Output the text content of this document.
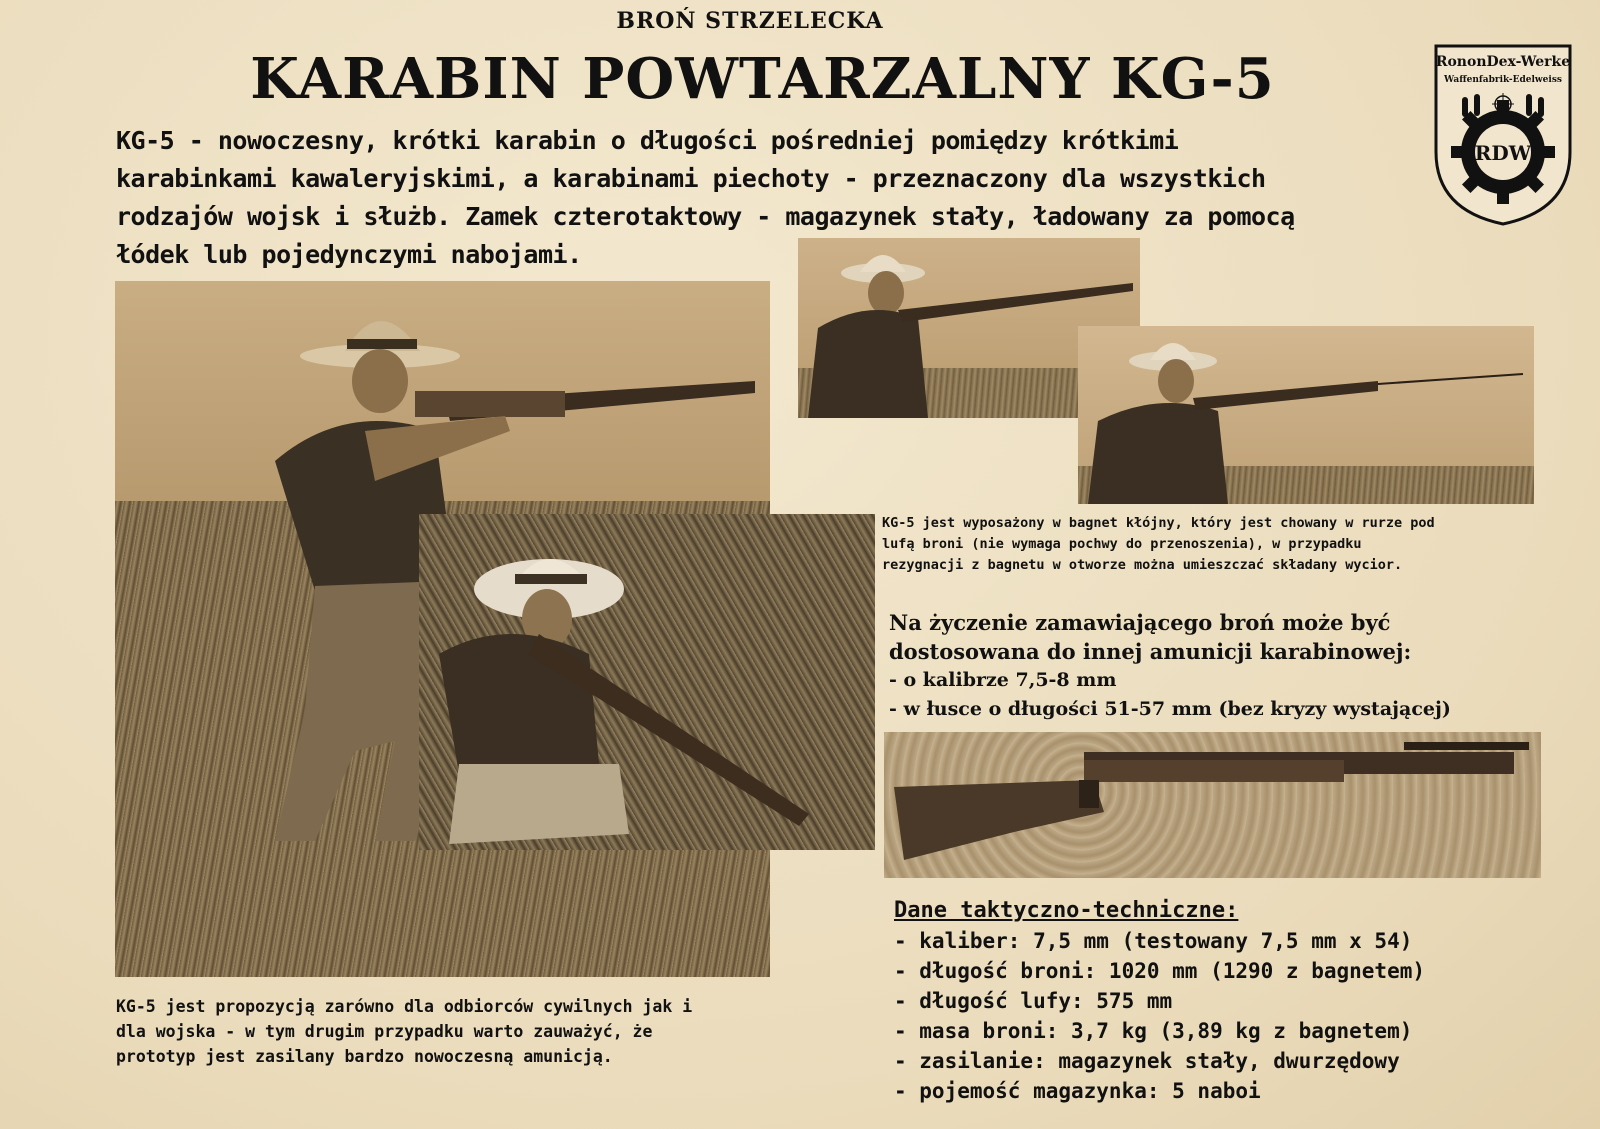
BROŃ STRZELECKA
KARABIN POWTARZALNY KG-5
KG-5 - nowoczesny, krótki karabin o długości pośredniej pomiędzy krótkimi
karabinkami kawaleryjskimi, a karabinami piechoty - przeznaczony dla wszystkich
rodzajów wojsk i służb. Zamek czterotaktowy - magazynek stały, ładowany za pomocą
łódek lub pojedynczymi nabojami.
KG-5 jest wyposażony w bagnet kłójny, który jest chowany w rurze pod
lufą broni (nie wymaga pochwy do przenoszenia), w przypadku
rezygnacji z bagnetu w otworze można umieszczać składany wycior.
Na życzenie zamawiającego broń może być
dostosowana do innej amunicji karabinowej:
- o kalibrze 7,5-8 mm
- w łusce o długości 51-57 mm (bez kryzy wystającej)
KG-5 jest propozycją zarówno dla odbiorców cywilnych jak i
dla wojska - w tym drugim przypadku warto zauważyć, że
prototyp jest zasilany bardzo nowoczesną amunicją.
Dane taktyczno-techniczne:
- kaliber: 7,5 mm (testowany 7,5 mm x 54)
- długość broni: 1020 mm (1290 z bagnetem)
- długość lufy: 575 mm
- masa broni: 3,7 kg (3,89 kg z bagnetem)
- zasilanie: magazynek stały, dwurzędowy
- pojemość magazynka: 5 naboi
RononDex-Werke
Waffenfabrik-Edelweiss
RDW
